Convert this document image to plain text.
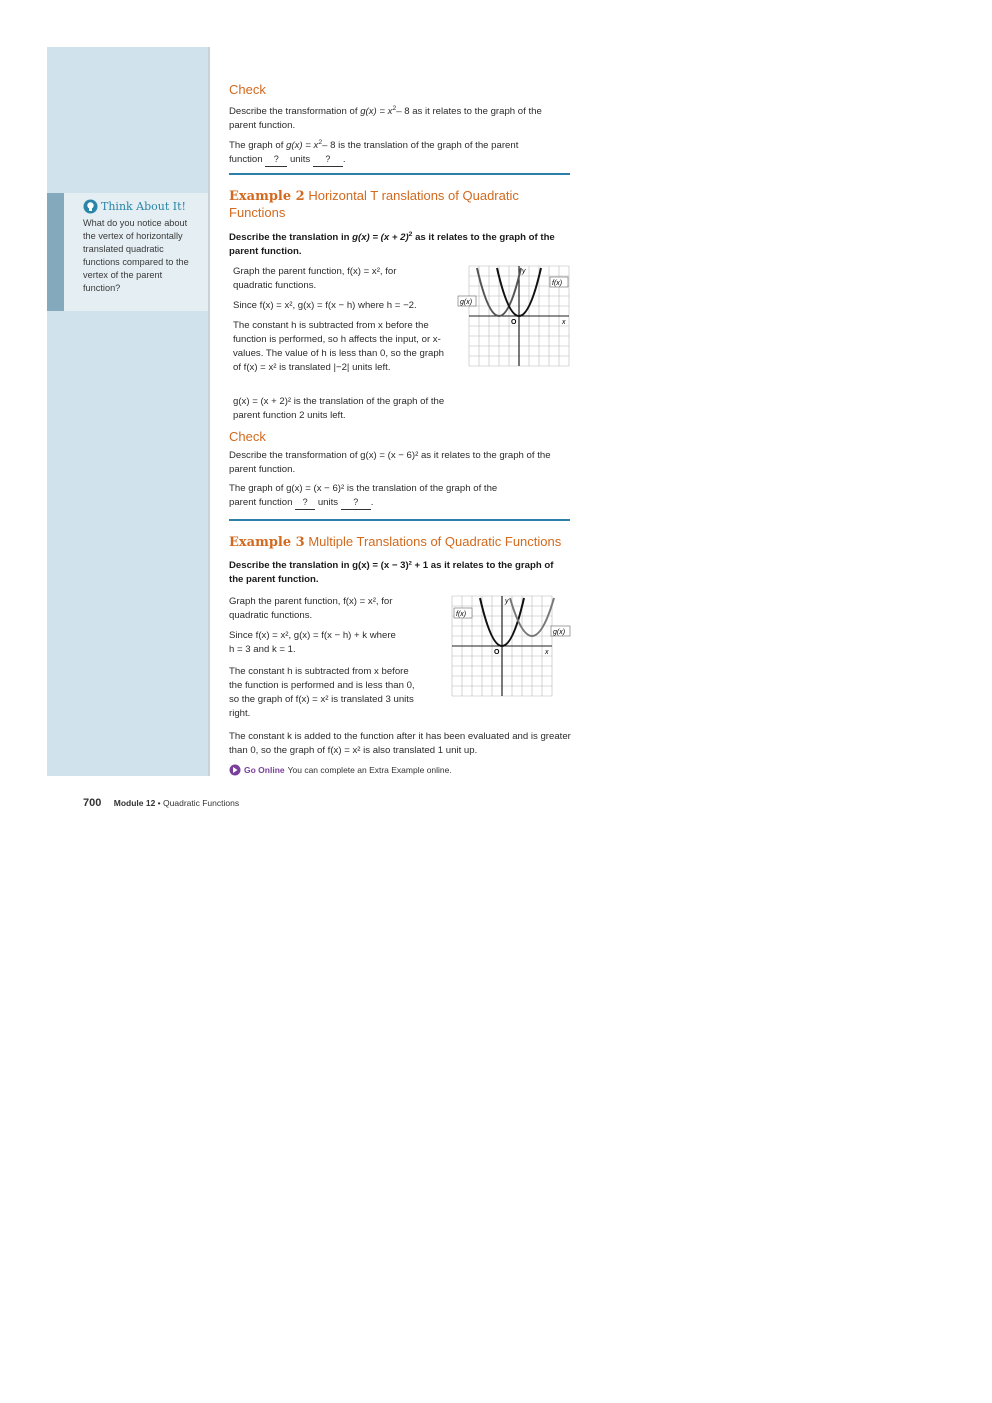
Think About It!
What do you notice about the vertex of horizontally translated quadratic functions compared to the vertex of the parent function?
Check
Describe the transformation of $g(x) = x^2-$ 8 as it relates to the graph of the parent function.
The graph of $g(x) = x^2-$ 8 is the translation of the graph of the parent
function ? units ? .
Example 2 Horizontal T ranslations of Quadratic Functions
Describe the translation in $g(x) = (x + 2)^2$ as it relates to the graph of the parent function.
Graph the parent function, f(x) = x², for quadratic functions.
Since f(x) = x², g(x) = f(x − h) where h = −2.
The constant h is subtracted from x before the function is performed, so h affects the input, or x-values. The value of h is less than 0, so the graph of f(x) = x² is translated |−2| units left.
g(x) = (x + 2)² is the translation of the graph of the parent function 2 units left.
y
x
O
f(x)
g(x)
Check
Describe the transformation of g(x) = (x − 6)² as it relates to the graph of the parent function.
The graph of g(x) = (x − 6)² is the translation of the graph of the
parent function ? units ? .
Example 3 Multiple Translations of Quadratic Functions
Describe the translation in g(x) = (x − 3)² + 1 as it relates to the graph of the parent function.
Graph the parent function, f(x) = x², for quadratic functions.
Since f(x) = x², g(x) = f(x − h) + k where
h = 3 and k = 1.
The constant h is subtracted from x before the function is performed and is less than 0, so the graph of f(x) = x² is translated 3 units right.
The constant k is added to the function after it has been evaluated and is greater than 0, so the graph of f(x) = x² is also translated 1 unit up.
y
x
O
f(x)
g(x)
Go Online You can complete an Extra Example online.
700 Module 12 • Quadratic Functions
